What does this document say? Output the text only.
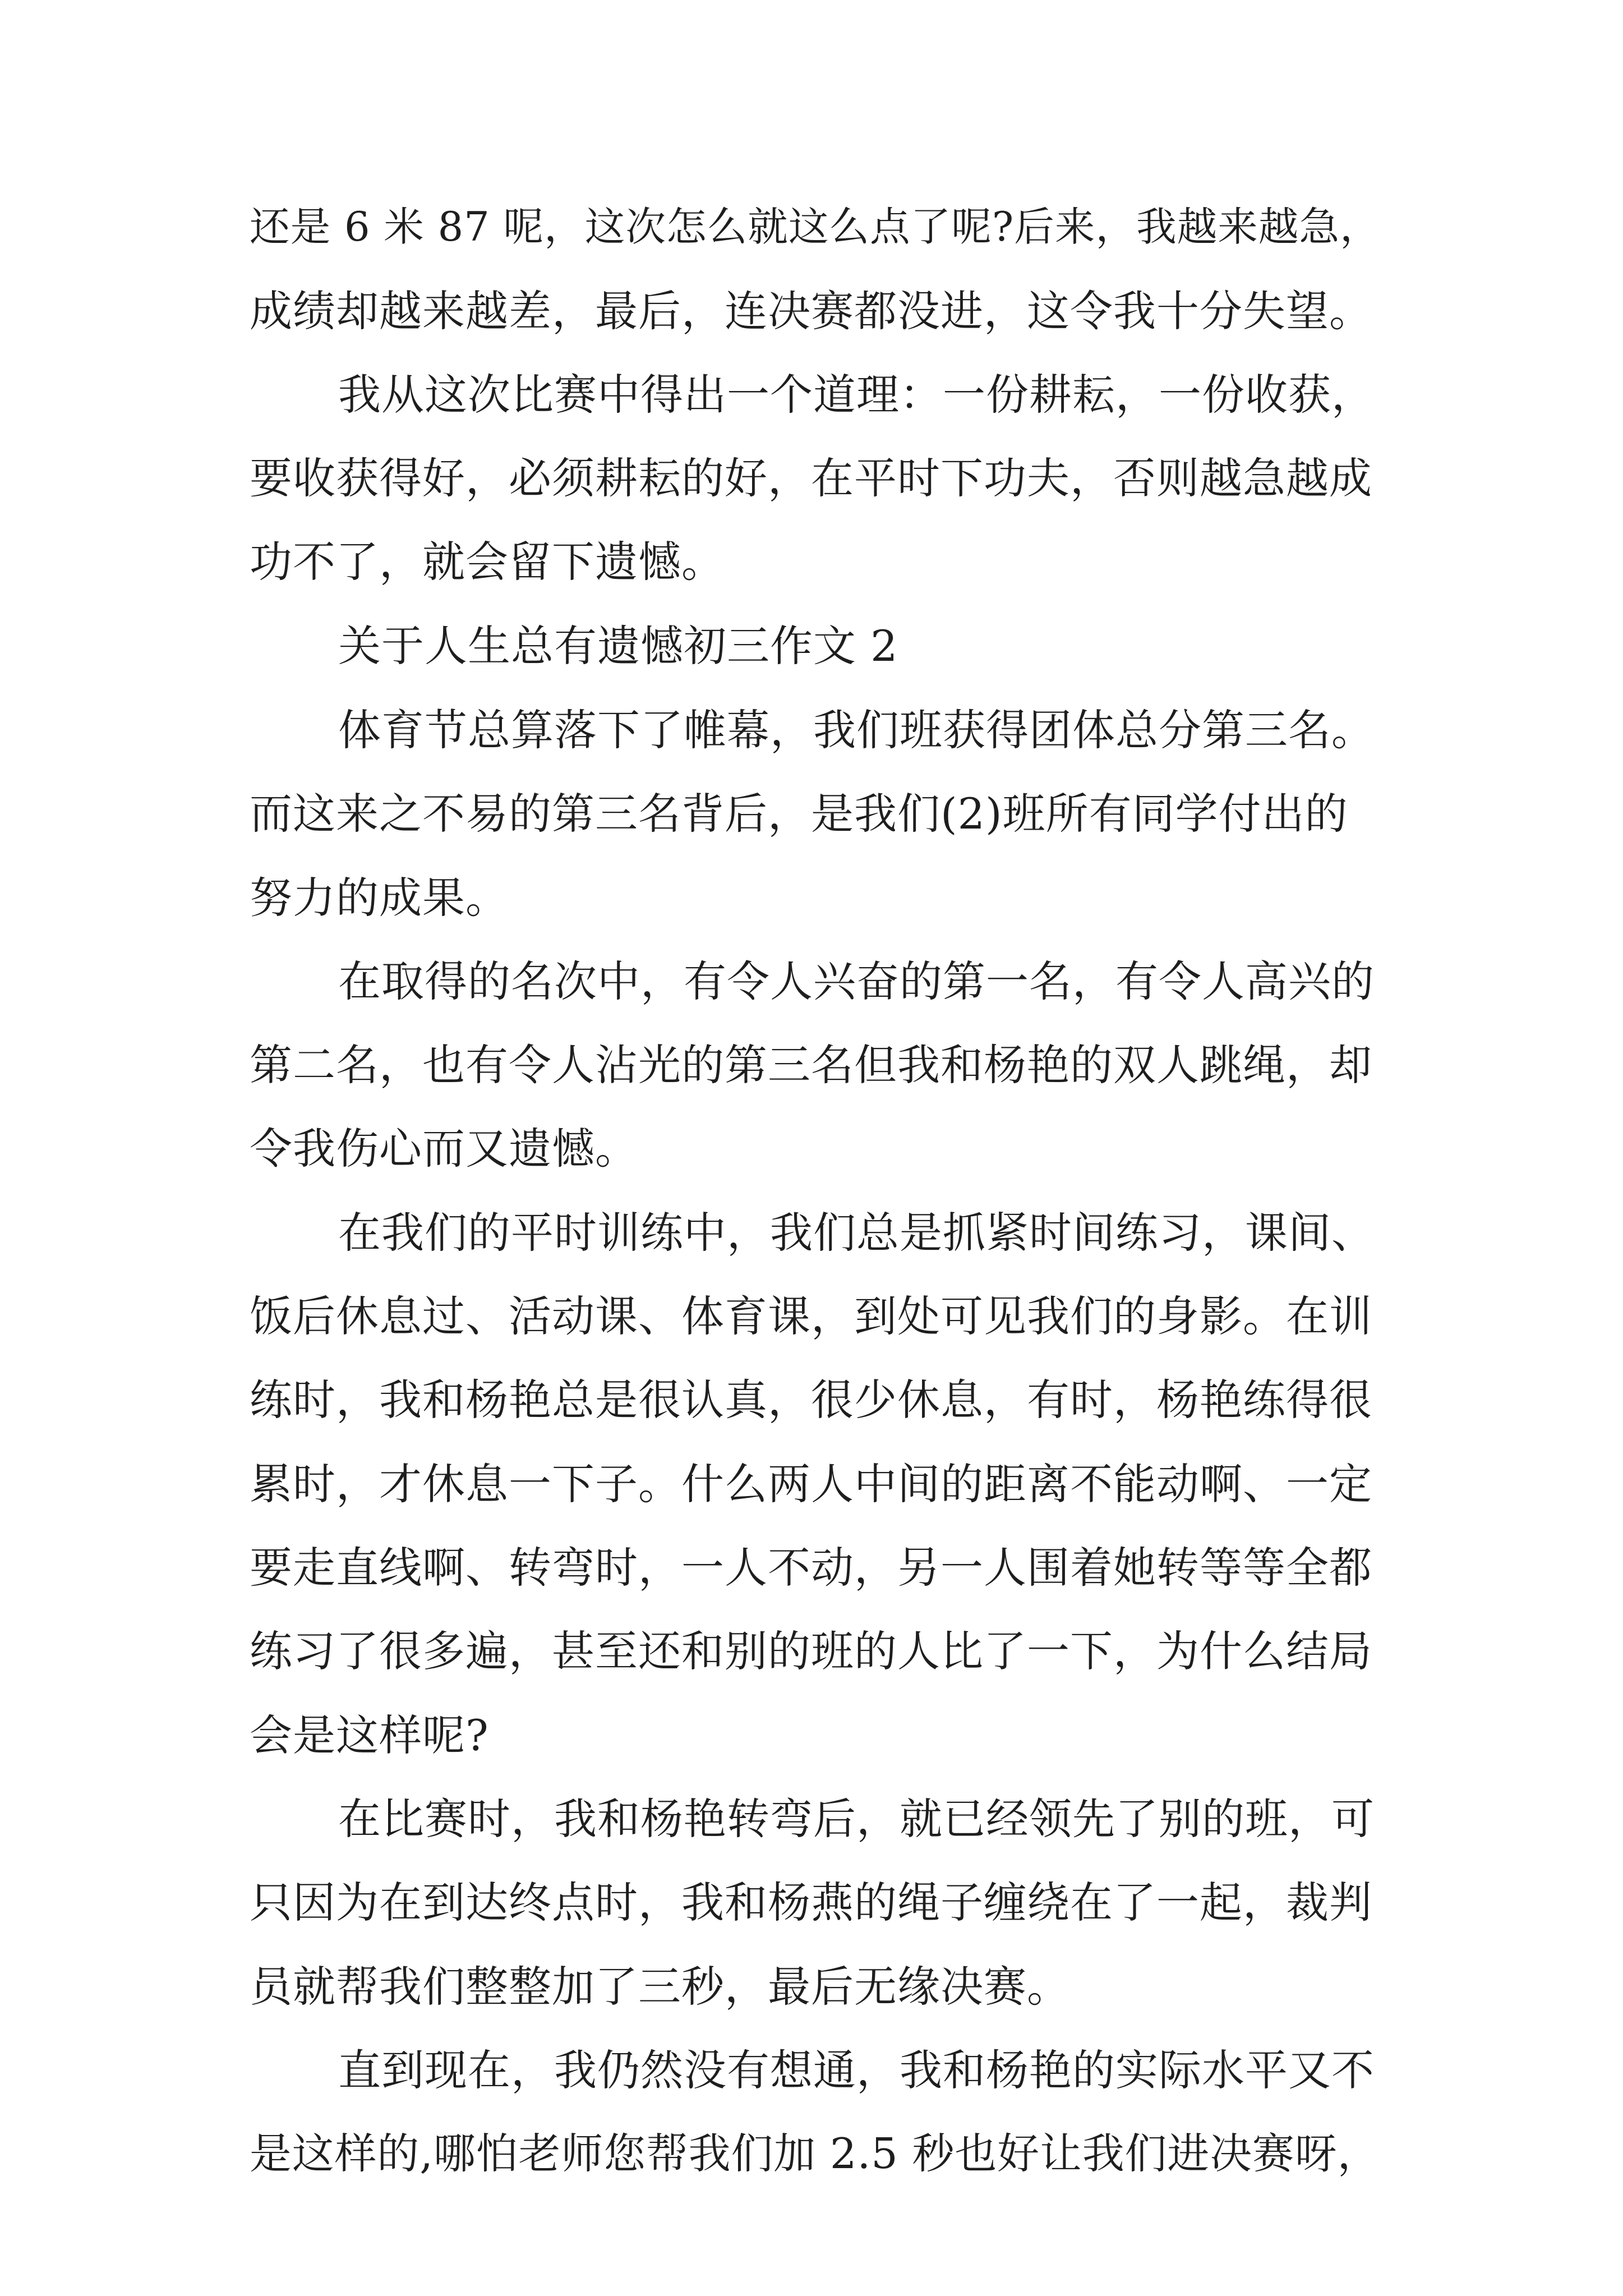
还是 6 米 87 呢，这次怎么就这么点了呢?后来，我越来越急，

成绩却越来越差，最后，连决赛都没进，这令我十分失望。

我从这次比赛中得出一个道理：一份耕耘，一份收获，

要收获得好，必须耕耘的好，在平时下功夫，否则越急越成

功不了，就会留下遗憾。

关于人生总有遗憾初三作文 2

体育节总算落下了帷幕，我们班获得团体总分第三名。

而这来之不易的第三名背后，是我们(2)班所有同学付出的

努力的成果。

在取得的名次中，有令人兴奋的第一名，有令人高兴的

第二名，也有令人沾光的第三名但我和杨艳的双人跳绳，却

令我伤心而又遗憾。

在我们的平时训练中，我们总是抓紧时间练习，课间、

饭后休息过、活动课、体育课，到处可见我们的身影。在训

练时，我和杨艳总是很认真，很少休息，有时，杨艳练得很

累时，才休息一下子。什么两人中间的距离不能动啊、一定

要走直线啊、转弯时，一人不动，另一人围着她转等等全都

练习了很多遍，甚至还和别的班的人比了一下，为什么结局

会是这样呢?

在比赛时，我和杨艳转弯后，就已经领先了别的班，可

只因为在到达终点时，我和杨燕的绳子缠绕在了一起，裁判

员就帮我们整整加了三秒，最后无缘决赛。

直到现在，我仍然没有想通，我和杨艳的实际水平又不

是这样的,哪怕老师您帮我们加 2.5 秒也好让我们进决赛呀，
